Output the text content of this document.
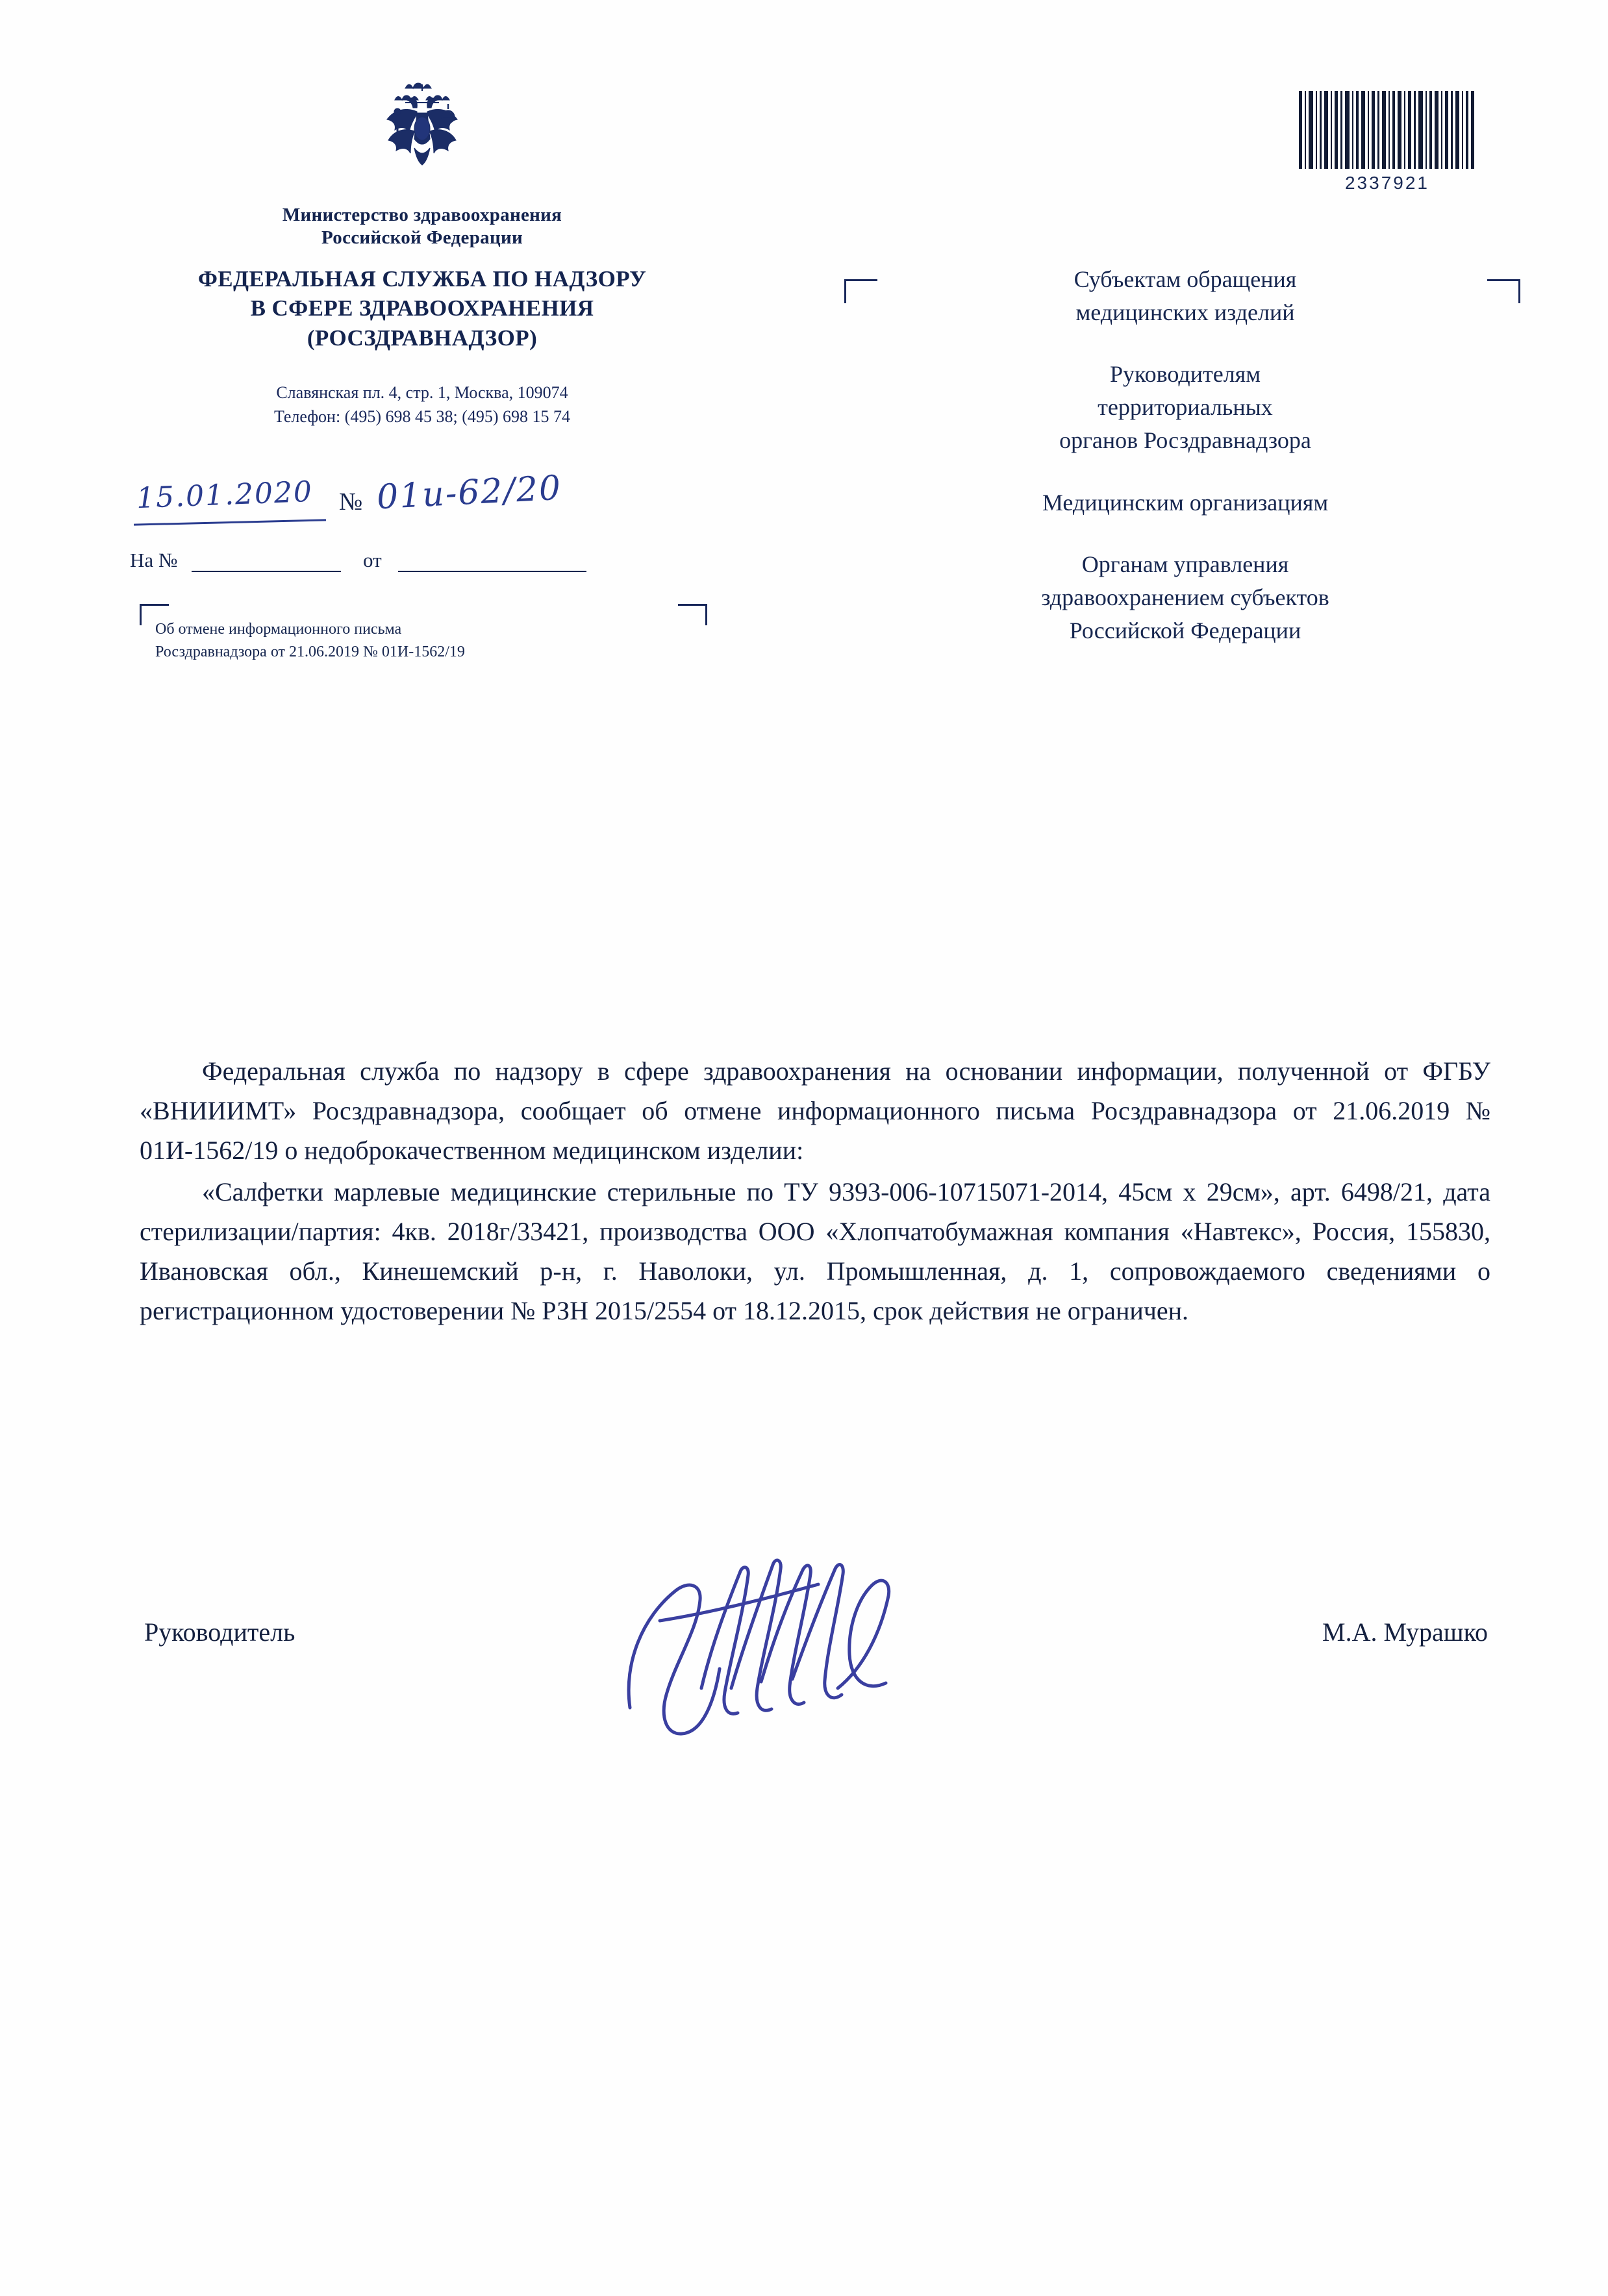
Министерство здравоохранения
Российской Федерации
ФЕДЕРАЛЬНАЯ СЛУЖБА ПО НАДЗОРУ
В СФЕРЕ ЗДРАВООХРАНЕНИЯ
(РОСЗДРАВНАДЗОР)
Славянская пл. 4, стр. 1, Москва, 109074
Телефон: (495) 698 45 38; (495) 698 15 74
15.01.2020 № 01и-62/20
На №	от
Об отмене информационного письма
Росздравнадзора от 21.06.2019 № 01И-1562/19
2337921

Субъектам обращения
медицинских изделий

Руководителям
территориальных
органов Росздравнадзора

Медицинским организациям

Органам управления
здравоохранением субъектов
Российской Федерации

Федеральная служба по надзору в сфере здравоохранения на основании информации, полученной от ФГБУ «ВНИИИМТ» Росздравнадзора, сообщает об отмене информационного письма Росздравнадзора от 21.06.2019 № 01И-1562/19 о недоброкачественном медицинском изделии:

«Салфетки марлевые медицинские стерильные по ТУ 9393-006-10715071-2014, 45см х 29см», арт. 6498/21, дата стерилизации/партия: 4кв. 2018г/33421, производства ООО «Хлопчатобумажная компания «Навтекс», Россия, 155830, Ивановская обл., Кинешемский р-н, г. Наволоки, ул. Промышленная, д. 1, сопровождаемого сведениями о регистрационном удостоверении № РЗН 2015/2554 от 18.12.2015, срок действия не ограничен.

Руководитель	М.А. Мурашко
